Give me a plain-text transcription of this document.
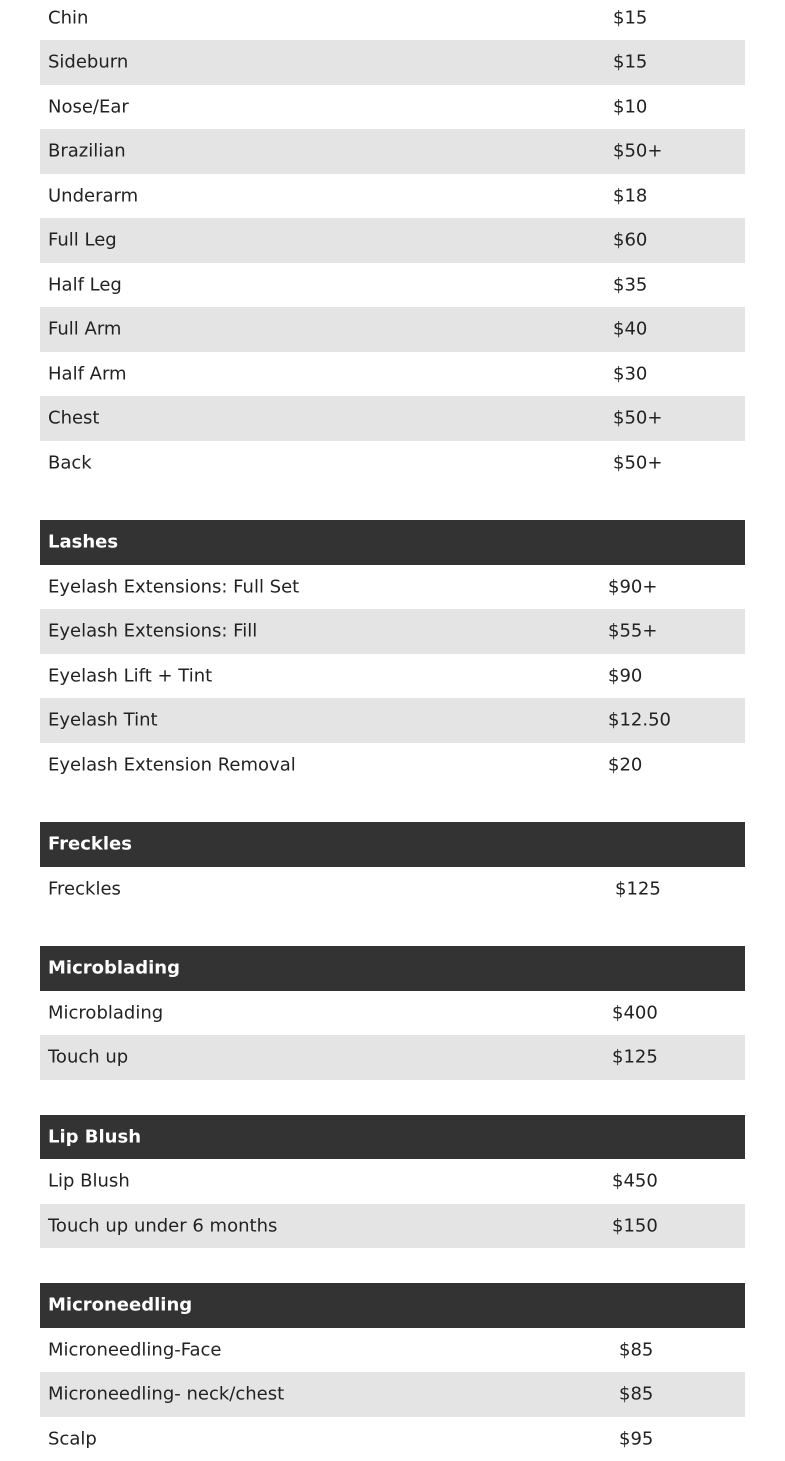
Chin	$15
Sideburn	$15
Nose/Ear	$10
Brazilian	$50+
Underarm	$18
Full Leg	$60
Half Leg	$35
Full Arm	$40
Half Arm	$30
Chest	$50+
Back	$50+
Lashes
Eyelash Extensions: Full Set	$90+
Eyelash Extensions: Fill	$55+
Eyelash Lift + Tint	$90
Eyelash Tint	$12.50
Eyelash Extension Removal	$20
Freckles
Freckles	$125
Microblading
Microblading	$400
Touch up	$125
Lip Blush
Lip Blush	$450
Touch up under 6 months	$150
Microneedling
Microneedling-Face	$85
Microneedling- neck/chest	$85
Scalp	$95
